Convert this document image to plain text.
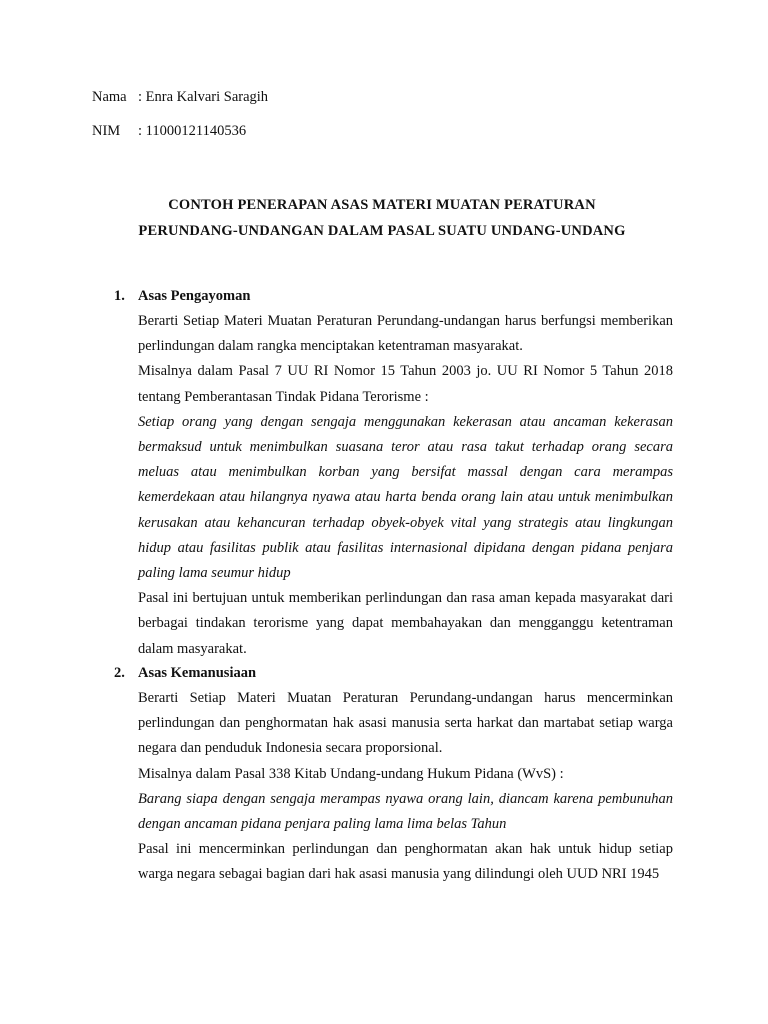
Nama : Enra Kalvari Saragih
NIM : 11000121140536
CONTOH PENERAPAN ASAS MATERI MUATAN PERATURAN
PERUNDANG-UNDANGAN DALAM PASAL SUATU UNDANG-UNDANG
1. Asas Pengayoman

Berarti Setiap Materi Muatan Peraturan Perundang-undangan harus berfungsi memberikan perlindungan dalam rangka menciptakan ketentraman masyarakat.

Misalnya dalam Pasal 7 UU RI Nomor 15 Tahun 2003 jo. UU RI Nomor 5 Tahun 2018 tentang Pemberantasan Tindak Pidana Terorisme :

Setiap orang yang dengan sengaja menggunakan kekerasan atau ancaman kekerasan bermaksud untuk menimbulkan suasana teror atau rasa takut terhadap orang secara meluas atau menimbulkan korban yang bersifat massal dengan cara merampas kemerdekaan atau hilangnya nyawa atau harta benda orang lain atau untuk menimbulkan kerusakan atau kehancuran terhadap obyek-obyek vital yang strategis atau lingkungan hidup atau fasilitas publik atau fasilitas internasional dipidana dengan pidana penjara paling lama seumur hidup

Pasal ini bertujuan untuk memberikan perlindungan dan rasa aman kepada masyarakat dari berbagai tindakan terorisme yang dapat membahayakan dan mengganggu ketentraman dalam masyarakat.

2. Asas Kemanusiaan

Berarti Setiap Materi Muatan Peraturan Perundang-undangan harus mencerminkan perlindungan dan penghormatan hak asasi manusia serta harkat dan martabat setiap warga negara dan penduduk Indonesia secara proporsional.

Misalnya dalam Pasal 338 Kitab Undang-undang Hukum Pidana (WvS) :

Barang siapa dengan sengaja merampas nyawa orang lain, diancam karena pembunuhan dengan ancaman pidana penjara paling lama lima belas Tahun

Pasal ini mencerminkan perlindungan dan penghormatan akan hak untuk hidup setiap warga negara sebagai bagian dari hak asasi manusia yang dilindungi oleh UUD NRI 1945
